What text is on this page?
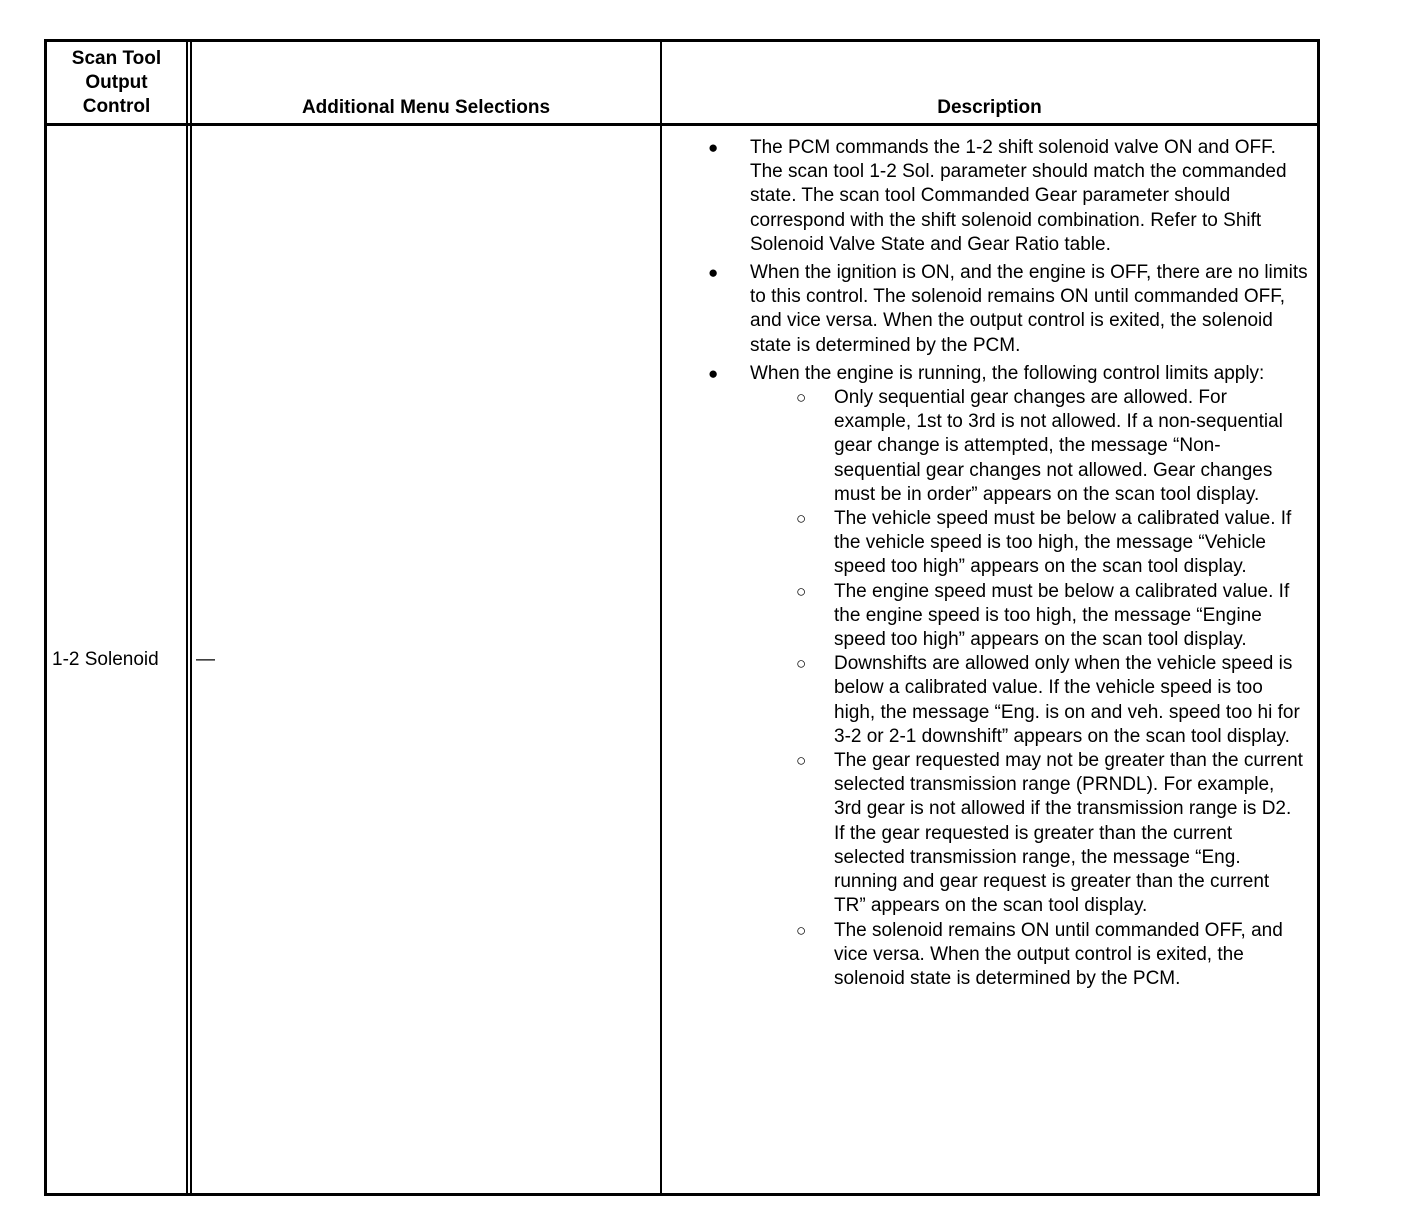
Scan Tool
Output
Control	Additional Menu Selections	Description
1-2 Solenoid —
● The PCM commands the 1-2 shift solenoid valve ON and OFF. The scan tool 1-2 Sol. parameter should match the commanded state. The scan tool Commanded Gear parameter should correspond with the shift solenoid combination. Refer to Shift Solenoid Valve State and Gear Ratio table.
● When the ignition is ON, and the engine is OFF, there are no limits to this control. The solenoid remains ON until commanded OFF, and vice versa. When the output control is exited, the solenoid state is determined by the PCM.
● When the engine is running, the following control limits apply:
○ Only sequential gear changes are allowed. For example, 1st to 3rd is not allowed. If a non-sequential gear change is attempted, the message “Non-sequential gear changes not allowed. Gear changes must be in order” appears on the scan tool display.
○ The vehicle speed must be below a calibrated value. If the vehicle speed is too high, the message “Vehicle speed too high” appears on the scan tool display.
○ The engine speed must be below a calibrated value. If the engine speed is too high, the message “Engine speed too high” appears on the scan tool display.
○ Downshifts are allowed only when the vehicle speed is below a calibrated value. If the vehicle speed is too high, the message “Eng. is on and veh. speed too hi for 3-2 or 2-1 downshift” appears on the scan tool display.
○ The gear requested may not be greater than the current selected transmission range (PRNDL). For example, 3rd gear is not allowed if the transmission range is D2. If the gear requested is greater than the current selected transmission range, the message “Eng. running and gear request is greater than the current TR” appears on the scan tool display.
○ The solenoid remains ON until commanded OFF, and vice versa. When the output control is exited, the solenoid state is determined by the PCM.
